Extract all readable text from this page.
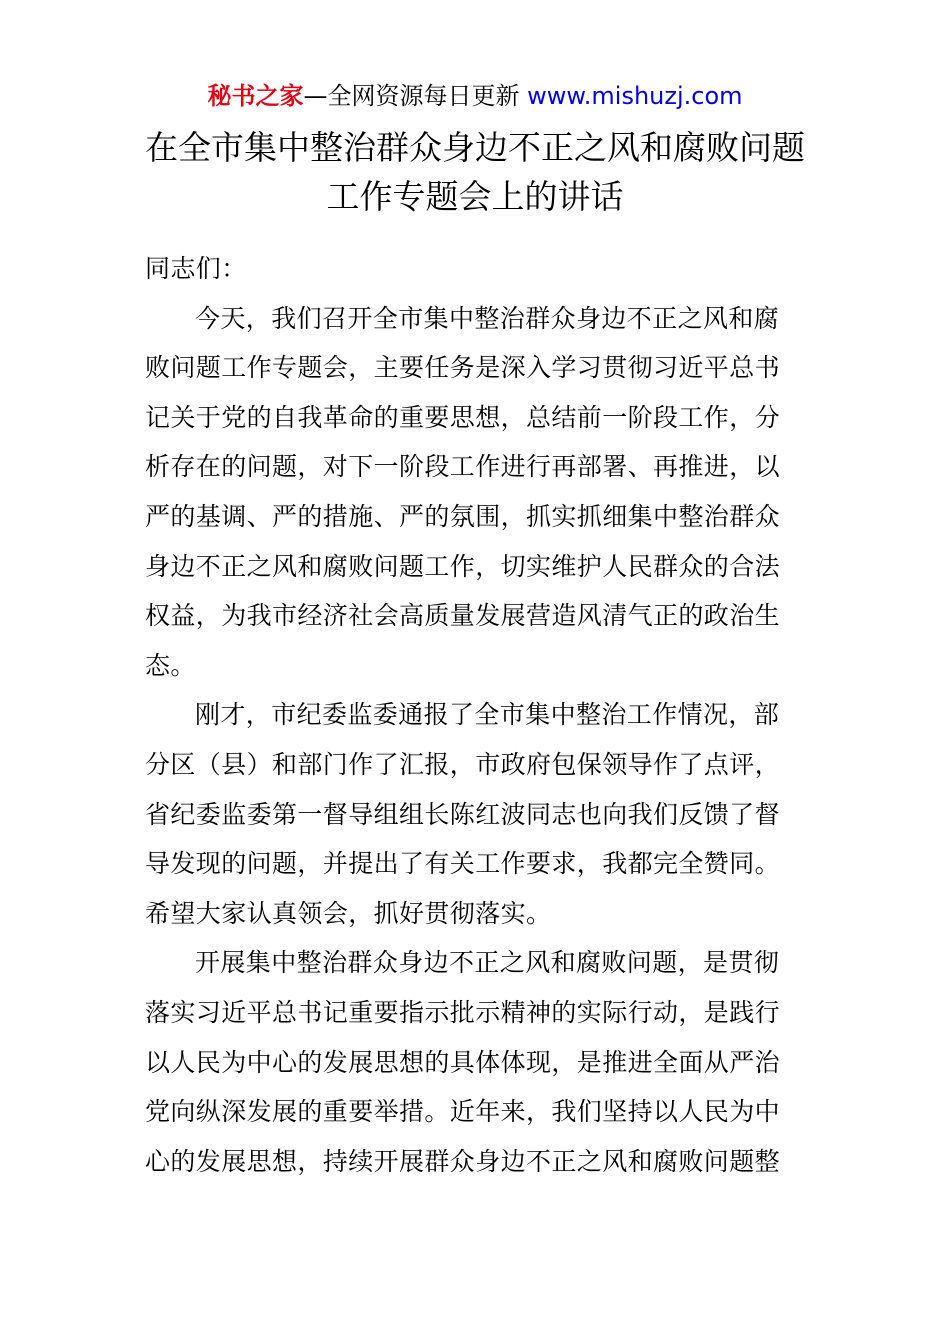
秘书之家—全网资源每日更新 www.mishuzj.com
在全市集中整治群众身边不正之风和腐败问题
工作专题会上的讲话

同志们：

今天，我们召开全市集中整治群众身边不正之风和腐

败问题工作专题会，主要任务是深入学习贯彻习近平总书

记关于党的自我革命的重要思想，总结前一阶段工作，分

析存在的问题，对下一阶段工作进行再部署、再推进，以

严的基调、严的措施、严的氛围，抓实抓细集中整治群众

身边不正之风和腐败问题工作，切实维护人民群众的合法

权益，为我市经济社会高质量发展营造风清气正的政治生

态。

刚才，市纪委监委通报了全市集中整治工作情况，部

分区（县）和部门作了汇报，市政府包保领导作了点评，

省纪委监委第一督导组组长陈红波同志也向我们反馈了督

导发现的问题，并提出了有关工作要求，我都完全赞同。

希望大家认真领会，抓好贯彻落实。

开展集中整治群众身边不正之风和腐败问题，是贯彻

落实习近平总书记重要指示批示精神的实际行动，是践行

以人民为中心的发展思想的具体体现，是推进全面从严治

党向纵深发展的重要举措。近年来，我们坚持以人民为中

心的发展思想，持续开展群众身边不正之风和腐败问题整
